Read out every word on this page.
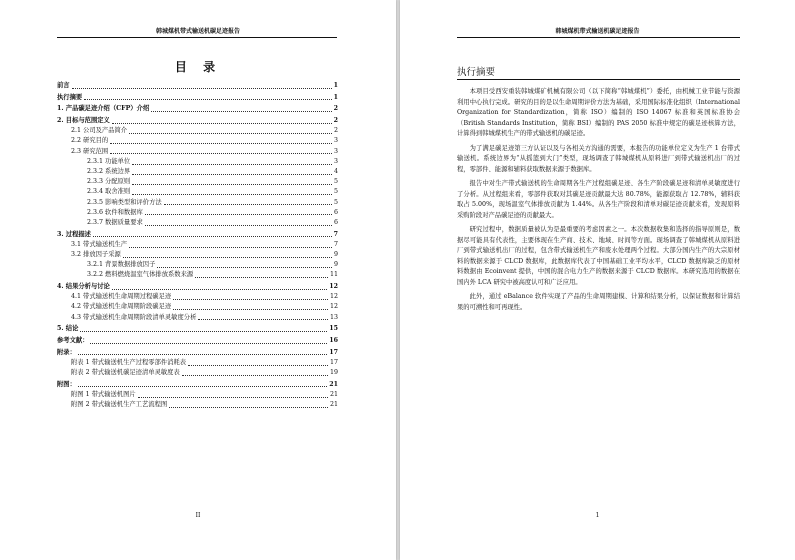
韩城煤机带式输送机碳足迹报告
目 录
前言	1
执行摘要	1
1. 产品碳足迹介绍（CFP）介绍	2
2. 目标与范围定义	2
2.1 公司及产品简介	2
2.2 研究目的	3
2.3 研究范围	3
2.3.1 功能单位	3
2.3.2 系统边界	4
2.3.3 分配原则	5
2.3.4 取舍准则	5
2.3.5 影响类型和评价方法	5
2.3.6 软件和数据库	6
2.3.7 数据质量要求	6
3. 过程描述	7
3.1 带式输送机生产	7
3.2 排放因子采源	9
3.2.1 背景数据排放因子	9
3.2.2 燃料燃烧温室气体排放系数来源	11
4. 结果分析与讨论	12
4.1 带式输送机生命周期过程碳足迹	12
4.2 带式输送机生命周期阶段碳足迹	12
4.3 带式输送机生命周期阶段清单灵敏度分析	13
5. 结论	15
参考文献：	16
附录：	17
附表 1 带式输送机生产过程零部件消耗表	17
附表 2 带式输送机碳足迹清单灵敏度表	19
附图：	21
附图 1 带式输送机图片	21
附图 2 带式输送机生产工艺流程图	21
II
韩城煤机带式输送机碳足迹报告
执行摘要

本项目受西安重装韩城煤矿机械有限公司（以下简称“韩城煤机”）委托，由机械工业节能与资源利用中心执行完成。研究的目的是以生命周期评价方法为基础，采用国际标准化组织（International Organization for Standardization，简称 ISO）编制的 ISO 14067 标准和英国标准协会（British Standards Institution，简称 BSI）编制的 PAS 2050 标准中规定的碳足迹核算方法，计算得到韩城煤机生产的带式输送机的碳足迹。

为了满足碳足迹第三方认证以及与各相关方沟通的需要，本报告的功能单位定义为生产 1 台带式输送机。系统边界为“从摇篮到大门”类型，现场调查了韩城煤机从原料进厂到带式输送机出厂的过程，零部件、能源和辅料获取数据来源于数据库。

报告中对生产带式输送机的生命周期各生产过程组碳足迹、各生产阶段碳足迹和清单灵敏度进行了分析。从过程组来看，零部件获取对其碳足迹贡献最大达 80.78%，能源获取占 12.78%，辅料获取占 5.00%，现场温室气体排放贡献为 1.44%。从各生产阶段和清单对碳足迹贡献来看，发现原料采购阶段对产品碳足迹的贡献最大。

研究过程中，数据质量被认为是最重要的考虑因素之一。本次数据收集和选择的指导原则是，数据尽可能具有代表性，主要体现在生产商、技术、地域、时间等方面。现场调查了韩城煤机从原料进厂到带式输送机出厂的过程，包含带式输送机生产和废水处理两个过程。大部分国内生产的大宗原材料的数据来源于 CLCD 数据库，此数据库代表了中国基础工业平均水平，CLCD 数据库缺乏的原材料数据由 Ecoinvent 提供，中国的混合电力生产的数据来源于 CLCD 数据库。本研究选用的数据在国内外 LCA 研究中被高度认可和广泛应用。

此外，通过 eBalance 软件实现了产品的生命周期建模、计算和结果分析，以保证数据和计算结果的可溯性和可再现性。

1
